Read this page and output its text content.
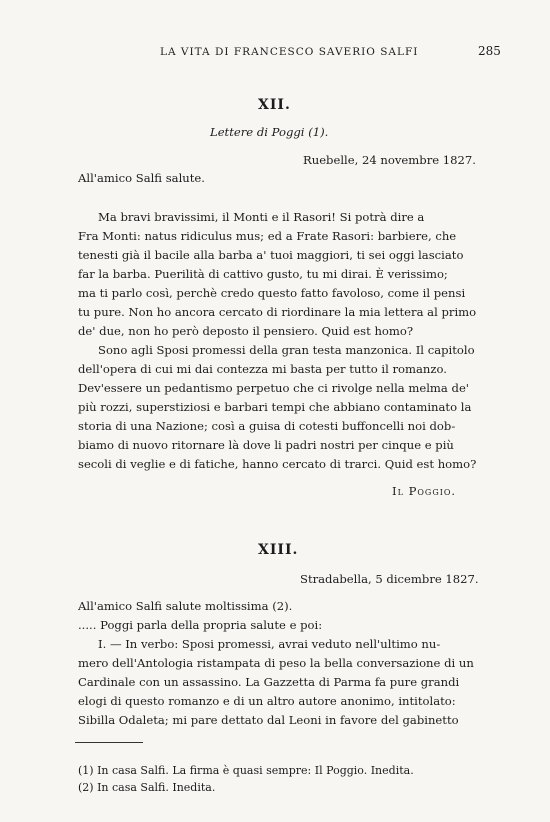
LA VITA DI FRANCESCO SAVERIO SALFI	285
XII.
Lettere di Poggi (1).
Ruebelle, 24 novembre 1827.
All'amico Salfi salute.
Ma bravi bravissimi, il Monti e il Rasori! Si potrà dire a
Fra Monti: natus ridiculus mus; ed a Frate Rasori: barbiere, che
tenesti già il bacile alla barba a' tuoi maggiori, ti sei oggi lasciato
far la barba. Puerilità di cattivo gusto, tu mi dirai. È verissimo;
ma ti parlo così, perchè credo questo fatto favoloso, come il pensi
tu pure. Non ho ancora cercato di riordinare la mia lettera al primo
de' due, non ho però deposto il pensiero. Quid est homo?
Sono agli Sposi promessi della gran testa manzonica. Il capitolo
dell'opera di cui mi dai contezza mi basta per tutto il romanzo.
Dev'essere un pedantismo perpetuo che ci rivolge nella melma de'
più rozzi, superstiziosi e barbari tempi che abbiano contaminato la
storia di una Nazione; così a guisa di cotesti buffoncelli noi dob-
biamo di nuovo ritornare là dove li padri nostri per cinque e più
secoli di veglie e di fatiche, hanno cercato di trarci. Quid est homo?
Il Poggio.
XIII.
Stradabella, 5 dicembre 1827.
All'amico Salfi salute moltissima (2).
..... Poggi parla della propria salute e poi:
I. — In verbo: Sposi promessi, avrai veduto nell'ultimo nu-
mero dell'Antologia ristampata di peso la bella conversazione di un
Cardinale con un assassino. La Gazzetta di Parma fa pure grandi
elogi di questo romanzo e di un altro autore anonimo, intitolato:
Sibilla Odaleta; mi pare dettato dal Leoni in favore del gabinetto
(1) In casa Salfi. La firma è quasi sempre: Il Poggio. Inedita.
(2) In casa Salfi. Inedita.
